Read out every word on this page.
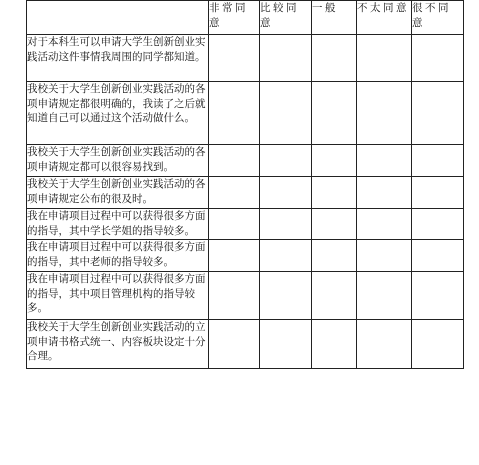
	非常同意	比较同意	一般	不太同意	很不同意

对于本科生可以申请大学生创新创业实践活动这件事情我周围的同学都知道。					

我校关于大学生创新创业实践活动的各项申请规定都很明确的，我读了之后就知道自己可以通过这个活动做什么。					

我校关于大学生创新创业实践活动的各项申请规定都可以很容易找到。					

我校关于大学生创新创业实践活动的各项申请规定公布的很及时。					

我在申请项目过程中可以获得很多方面的指导，其中学长学姐的指导较多。					

我在申请项目过程中可以获得很多方面的指导，其中老师的指导较多。					

我在申请项目过程中可以获得很多方面的指导，其中项目管理机构的指导较多。					

我校关于大学生创新创业实践活动的立项申请书格式统一、内容板块设定十分合理。					
